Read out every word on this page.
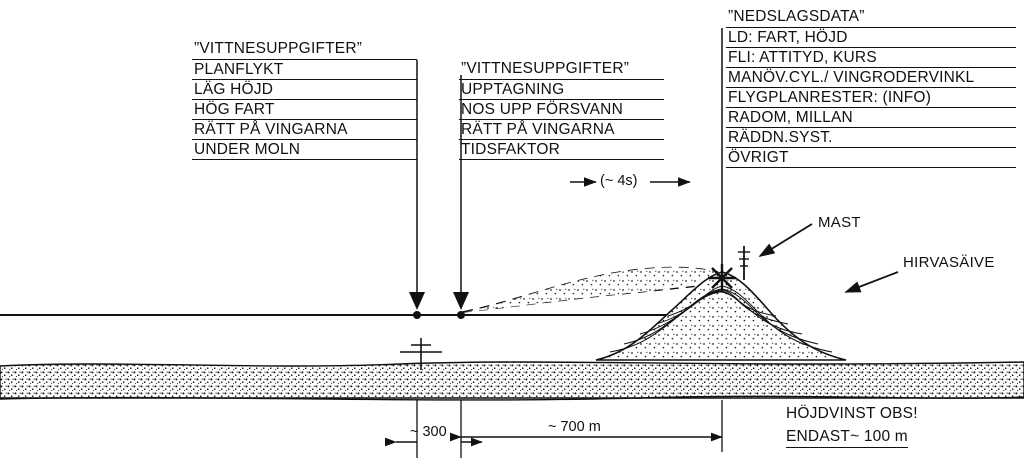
”VITTNESUPPGIFTER”
PLANFLYKT
LÄG HÖJD
HÖG FART
RÄTT PÅ VINGARNA
UNDER MOLN
”VITTNESUPPGIFTER”
UPPTAGNING
NOS UPP FÖRSVANN
RÄTT PÅ VINGARNA
TIDSFAKTOR
(~ 4s)
”NEDSLAGSDATA”
LD: FART, HÖJD
FLI: ATTITYD, KURS
MANÖV.CYL./ VINGRODERVINKL
FLYGPLANRESTER: (INFO)
RADOM, MILLAN
RÄDDN.SYST.
ÖVRIGT
MAST
HIRVASÄIVE
~ 300	~ 700 m
HÖJDVINST OBS!
ENDAST~ 100 m
